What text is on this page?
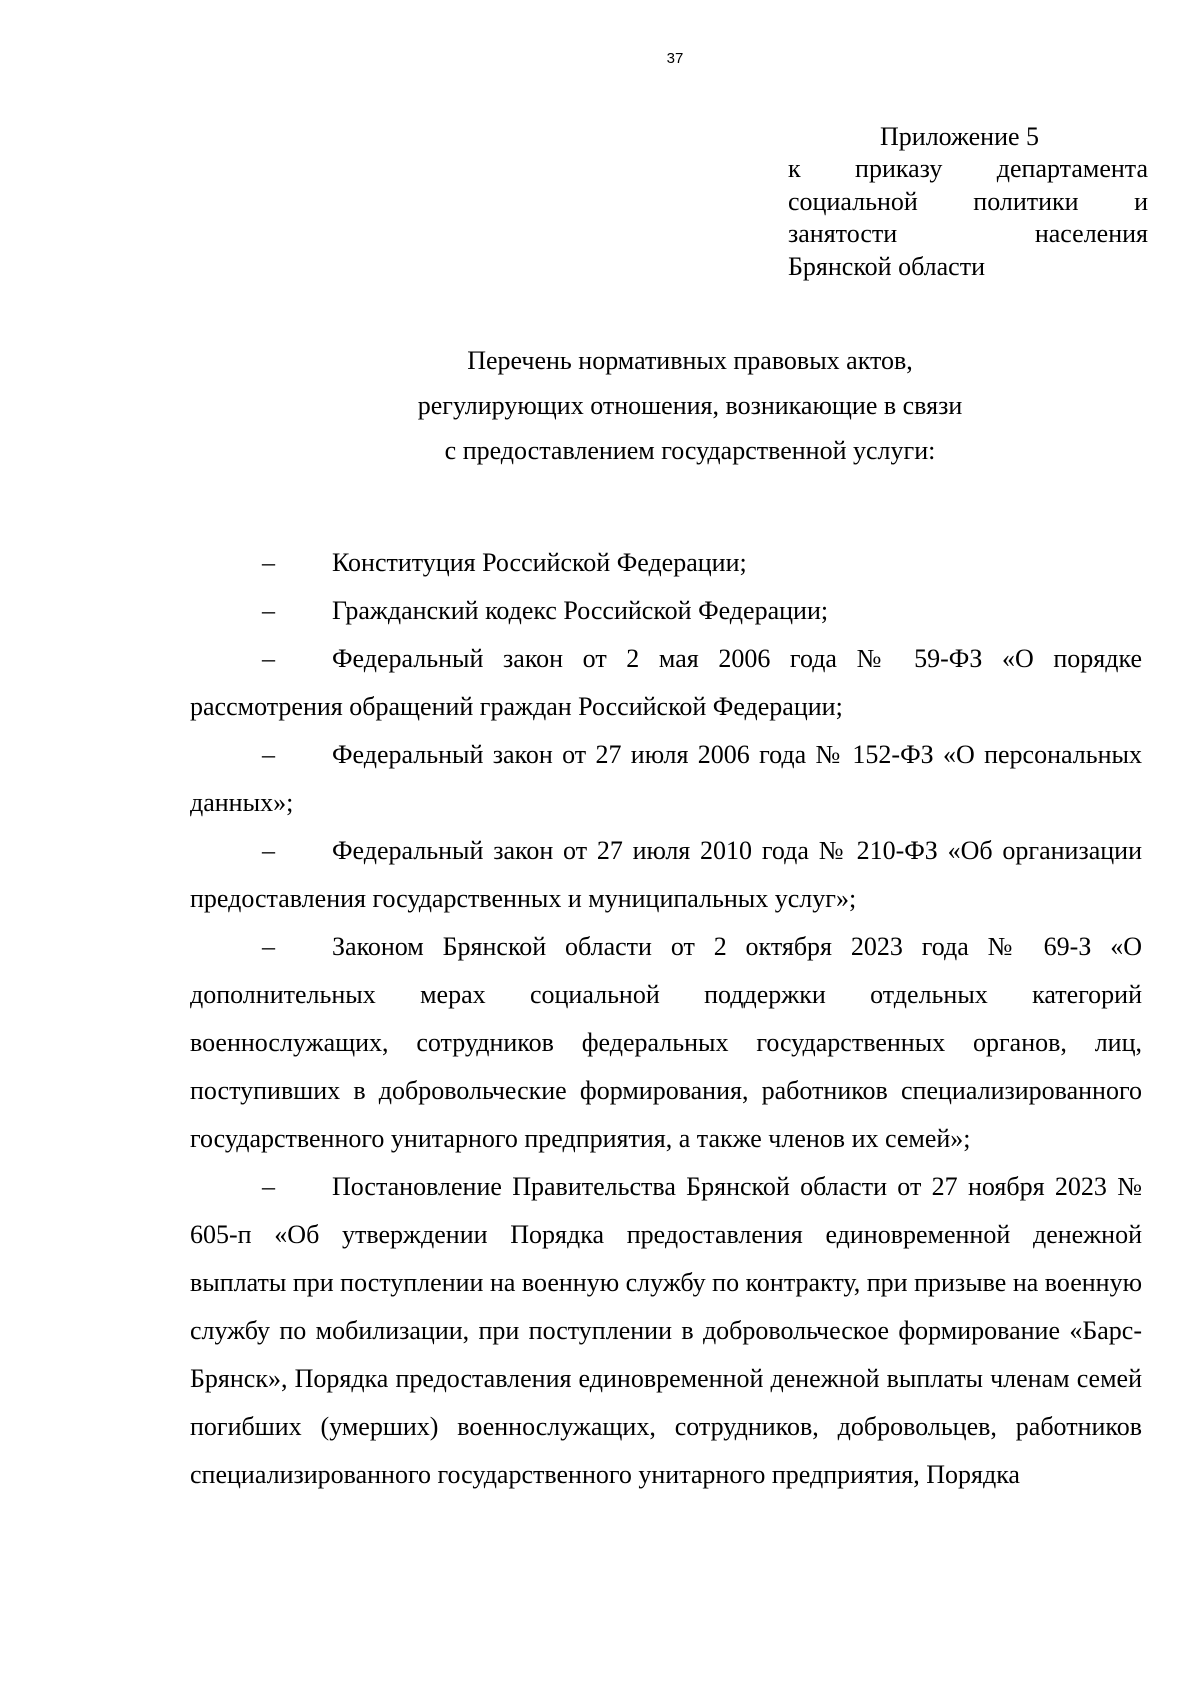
37
Приложение 5
к приказу департамента
социальной политики и
занятости населения
Брянской области
Перечень нормативных правовых актов,
регулирующих отношения, возникающие в связи
с предоставлением государственной услуги:

– Конституция Российской Федерации;

– Гражданский кодекс Российской Федерации;

– Федеральный закон от 2 мая 2006 года № 59-ФЗ «О порядке рассмотрения обращений граждан Российской Федерации;

– Федеральный закон от 27 июля 2006 года № 152-ФЗ «О персональных данных»;

– Федеральный закон от 27 июля 2010 года № 210-ФЗ «Об организации предоставления государственных и муниципальных услуг»;

– Законом Брянской области от 2 октября 2023 года № 69-З «О дополнительных мерах социальной поддержки отдельных категорий военнослужащих, сотрудников федеральных государственных органов, лиц, поступивших в добровольческие формирования, работников специализированного государственного унитарного предприятия, а также членов их семей»;

– Постановление Правительства Брянской области от 27 ноября 2023 № 605-п «Об утверждении Порядка предоставления единовременной денежной выплаты при поступлении на военную службу по контракту, при призыве на военную службу по мобилизации, при поступлении в добровольческое формирование «Барс-Брянск», Порядка предоставления единовременной денежной выплаты членам семей погибших (умерших) военнослужащих, сотрудников, добровольцев, работников специализированного государственного унитарного предприятия, Порядка
